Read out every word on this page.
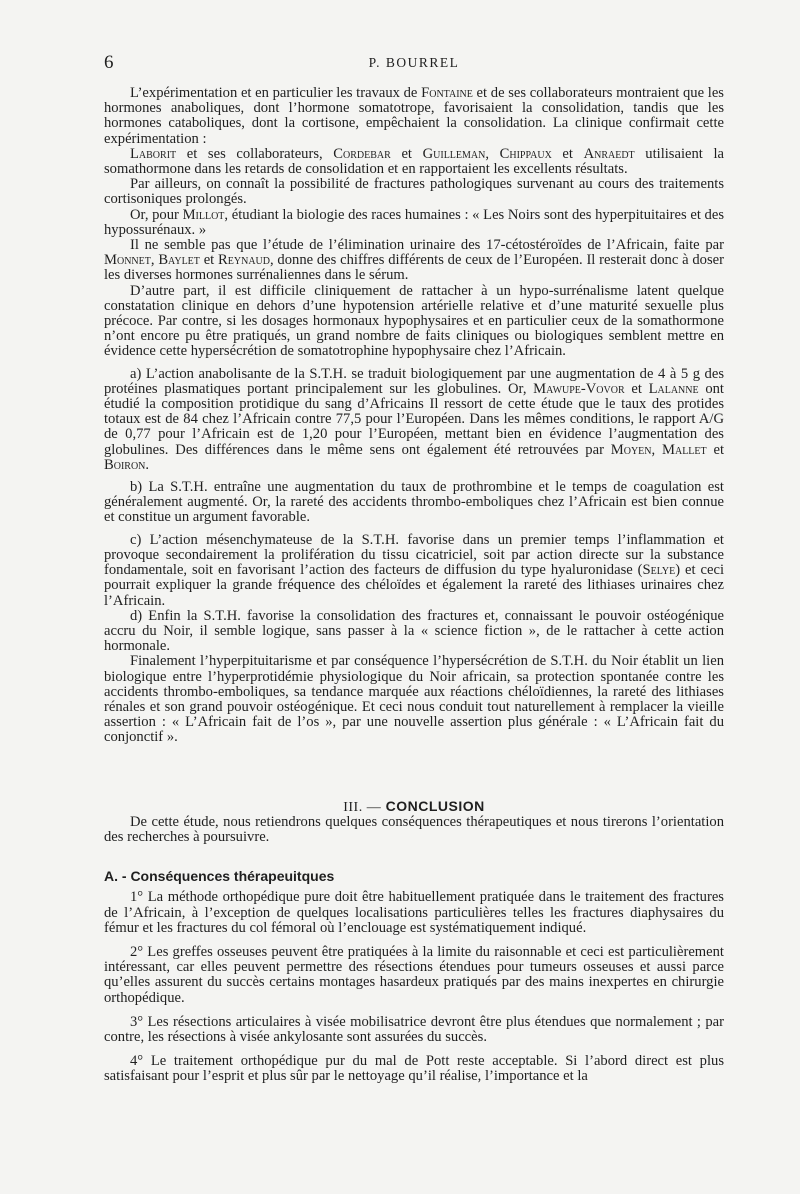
6	P. BOURREL

L’expérimentation et en particulier les travaux de Fontaine et de ses collaborateurs montraient que les hormones anaboliques, dont l’hormone somatotrope, favorisaient la consolidation, tandis que les hormones cataboliques, dont la cortisone, empêchaient la consolidation. La clinique confirmait cette expérimentation :

Laborit et ses collaborateurs, Cordebar et Guilleman, Chippaux et Anraedt utilisaient la somathormone dans les retards de consolidation et en rapportaient les excellents résultats.

Par ailleurs, on connaît la possibilité de fractures pathologiques survenant au cours des traitements cortisoniques prolongés.

Or, pour Millot, étudiant la biologie des races humaines : « Les Noirs sont des hyperpituitaires et des hypossurénaux. »

Il ne semble pas que l’étude de l’élimination urinaire des 17-cétostéroïdes de l’Africain, faite par Monnet, Baylet et Reynaud, donne des chiffres différents de ceux de l’Européen. Il resterait donc à doser les diverses hormones surrénaliennes dans le sérum.

D’autre part, il est difficile cliniquement de rattacher à un hypo-surrénalisme latent quelque constatation clinique en dehors d’une hypotension artérielle relative et d’une maturité sexuelle plus précoce. Par contre, si les dosages hormonaux hypophysaires et en particulier ceux de la somathormone n’ont encore pu être pratiqués, un grand nombre de faits cliniques ou biologiques semblent mettre en évidence cette hypersécrétion de somatotrophine hypophysaire chez l’Africain.

a) L’action anabolisante de la S.T.H. se traduit biologiquement par une augmentation de 4 à 5 g des protéines plasmatiques portant principalement sur les globulines. Or, Mawupe-Vovor et Lalanne ont étudié la composition protidique du sang d’Africains Il ressort de cette étude que le taux des protides totaux est de 84 chez l’Africain contre 77,5 pour l’Européen. Dans les mêmes conditions, le rapport A/G de 0,77 pour l’Africain est de 1,20 pour l’Européen, mettant bien en évidence l’augmentation des globulines. Des différences dans le même sens ont également été retrouvées par Moyen, Mallet et Boiron.

b) La S.T.H. entraîne une augmentation du taux de prothrombine et le temps de coagulation est généralement augmenté. Or, la rareté des accidents thrombo-emboliques chez l’Africain est bien connue et constitue un argument favorable.

c) L’action mésenchymateuse de la S.T.H. favorise dans un premier temps l’inflammation et provoque secondairement la prolifération du tissu cicatriciel, soit par action directe sur la substance fondamentale, soit en favorisant l’action des facteurs de diffusion du type hyaluronidase (Selye) et ceci pourrait expliquer la grande fréquence des chéloïdes et également la rareté des lithiases urinaires chez l’Africain.

d) Enfin la S.T.H. favorise la consolidation des fractures et, connaissant le pouvoir ostéogénique accru du Noir, il semble logique, sans passer à la « science fiction », de le rattacher à cette action hormonale.

Finalement l’hyperpituitarisme et par conséquence l’hypersécrétion de S.T.H. du Noir établit un lien biologique entre l’hyperprotidémie physiologique du Noir africain, sa protection spontanée contre les accidents thrombo-emboliques, sa tendance marquée aux réactions chéloïdiennes, la rareté des lithiases rénales et son grand pouvoir ostéogénique. Et ceci nous conduit tout naturellement à remplacer la vieille assertion : « L’Africain fait de l’os », par une nouvelle assertion plus générale : « L’Africain fait du conjonctif ».

III. — CONCLUSION

De cette étude, nous retiendrons quelques conséquences thérapeutiques et nous tirerons l’orientation des recherches à poursuivre.

A. - Conséquences thérapeuitques

1° La méthode orthopédique pure doit être habituellement pratiquée dans le traitement des fractures de l’Africain, à l’exception de quelques localisations particulières telles les fractures diaphysaires du fémur et les fractures du col fémoral où l’enclouage est systématiquement indiqué.

2° Les greffes osseuses peuvent être pratiquées à la limite du raisonnable et ceci est particulièrement intéressant, car elles peuvent permettre des résections étendues pour tumeurs osseuses et aussi parce qu’elles assurent du succès certains montages hasardeux pratiqués par des mains inexpertes en chirurgie orthopédique.

3° Les résections articulaires à visée mobilisatrice devront être plus étendues que normalement ; par contre, les résections à visée ankylosante sont assurées du succès.

4° Le traitement orthopédique pur du mal de Pott reste acceptable. Si l’abord direct est plus satisfaisant pour l’esprit et plus sûr par le nettoyage qu’il réalise, l’importance et la
